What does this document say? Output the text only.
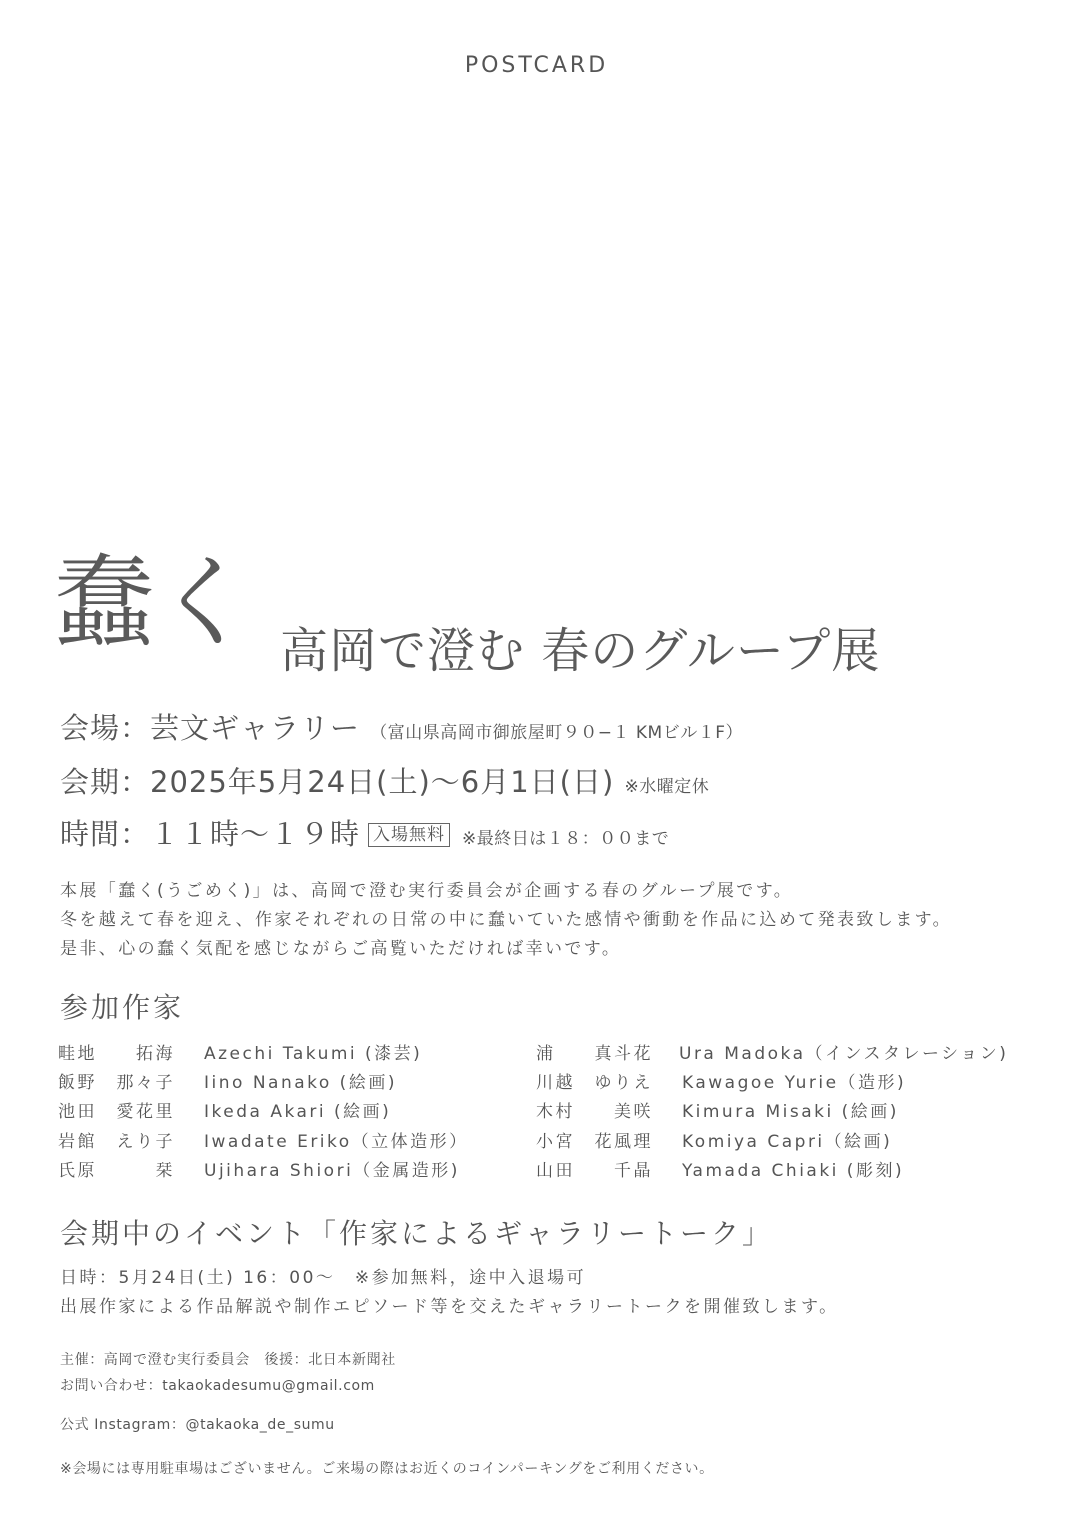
POSTCARD
蠢く 高岡で澄む 春のグループ展
会場：芸文ギャラリー （富山県高岡市御旅屋町９０−１ KMビル１F）
会期：2025年5月24日(土)〜6月1日(日) ※水曜定休
時間：１１時〜１９時 入場無料 ※最終日は１８：００まで
本展「蠢く(うごめく)」は、高岡で澄む実行委員会が企画する春のグループ展です。
冬を越えて春を迎え、作家それぞれの日常の中に蠢いていた感情や衝動を作品に込めて発表致します。
是非、心の蠢く気配を感じながらご高覧いただければ幸いです。
参加作家
畦地　　拓海 Azechi Takumi (漆芸)
飯野　那々子 Iino Nanako (絵画)
池田　愛花里 Ikeda Akari (絵画)
岩館　えり子 Iwadate Eriko（立体造形）
氏原　　　栞 Ujihara Shiori（金属造形)
浦　　真斗花 Ura Madoka（インスタレーション)
川越　ゆりえ Kawagoe Yurie（造形)
木村　　美咲 Kimura Misaki (絵画)
小宮　花風理 Komiya Capri（絵画)
山田　　千晶 Yamada Chiaki (彫刻)
会期中のイベント「作家によるギャラリートーク」
日時：5月24日(土) 16：00〜　※参加無料，途中入退場可
出展作家による作品解説や制作エピソード等を交えたギャラリートークを開催致します。
主催：高岡で澄む実行委員会　後援：北日本新聞社
お問い合わせ：takaokadesumu@gmail.com
公式 Instagram：@takaoka_de_sumu
※会場には専用駐車場はございません。ご来場の際はお近くのコインパーキングをご利用ください。
